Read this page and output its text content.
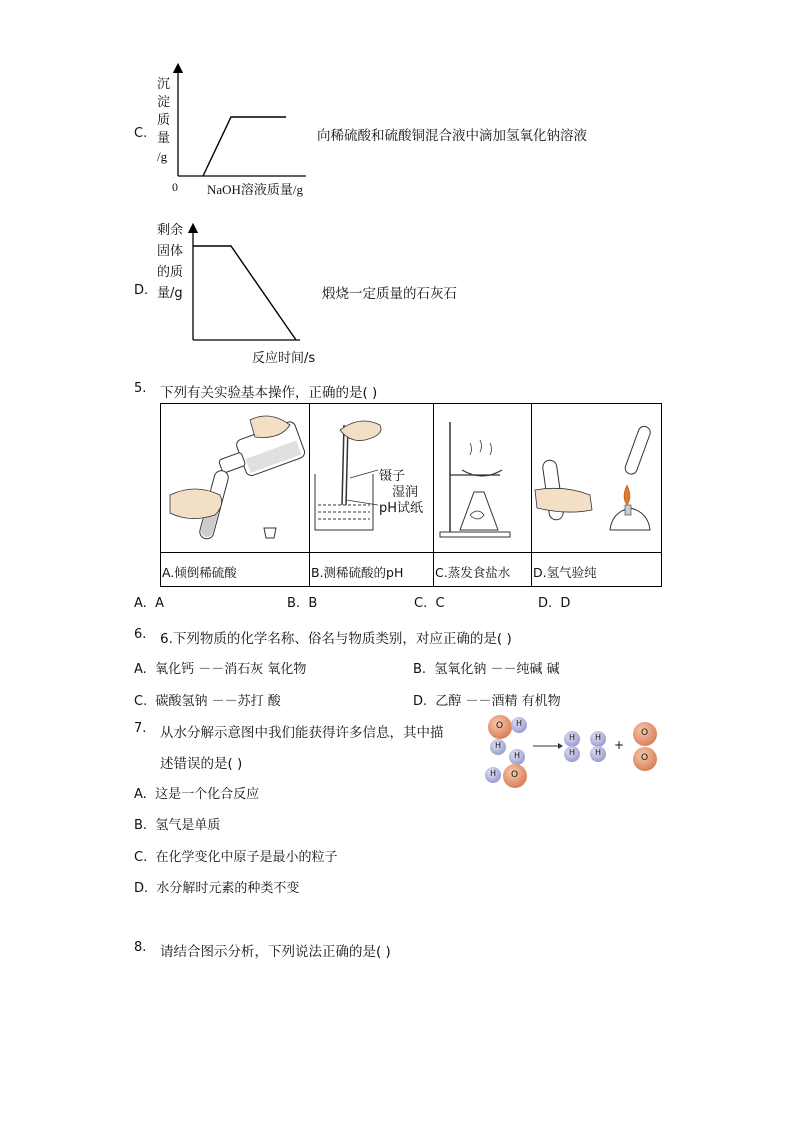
C.
沉
淀
质
量
/g
0 NaOH溶液质量/g
向稀硫酸和硫酸铜混合液中滴加氢氧化钠溶液
D.
剩余
固体
的质
量/g
反应时间/s
煅烧一定质量的石灰石
5. 下列有关实验基本操作，正确的是( )
A.倾倒稀硫酸	B.测稀硫酸的pH	C.蒸发食盐水 D.氢气验纯
镊子
湿润
pH试纸
A. A	B. B	C. C	D. D
6. 6.下列物质的化学名称、俗名与物质类别，对应正确的是( )
A. 氧化钙 －－消石灰 氧化物	B. 氢氧化钠 －－纯碱 碱
C. 碳酸氢钠 －－苏打 酸	D. 乙醇 －－酒精 有机物
7. 从水分解示意图中我们能获得许多信息，其中描
述错误的是( )
O H
H
H
H O
H
H
H
H
+
O
O
A. 这是一个化合反应
B. 氢气是单质
C. 在化学变化中原子是最小的粒子
D. 水分解时元素的种类不变
8. 请结合图示分析，下列说法正确的是( )
